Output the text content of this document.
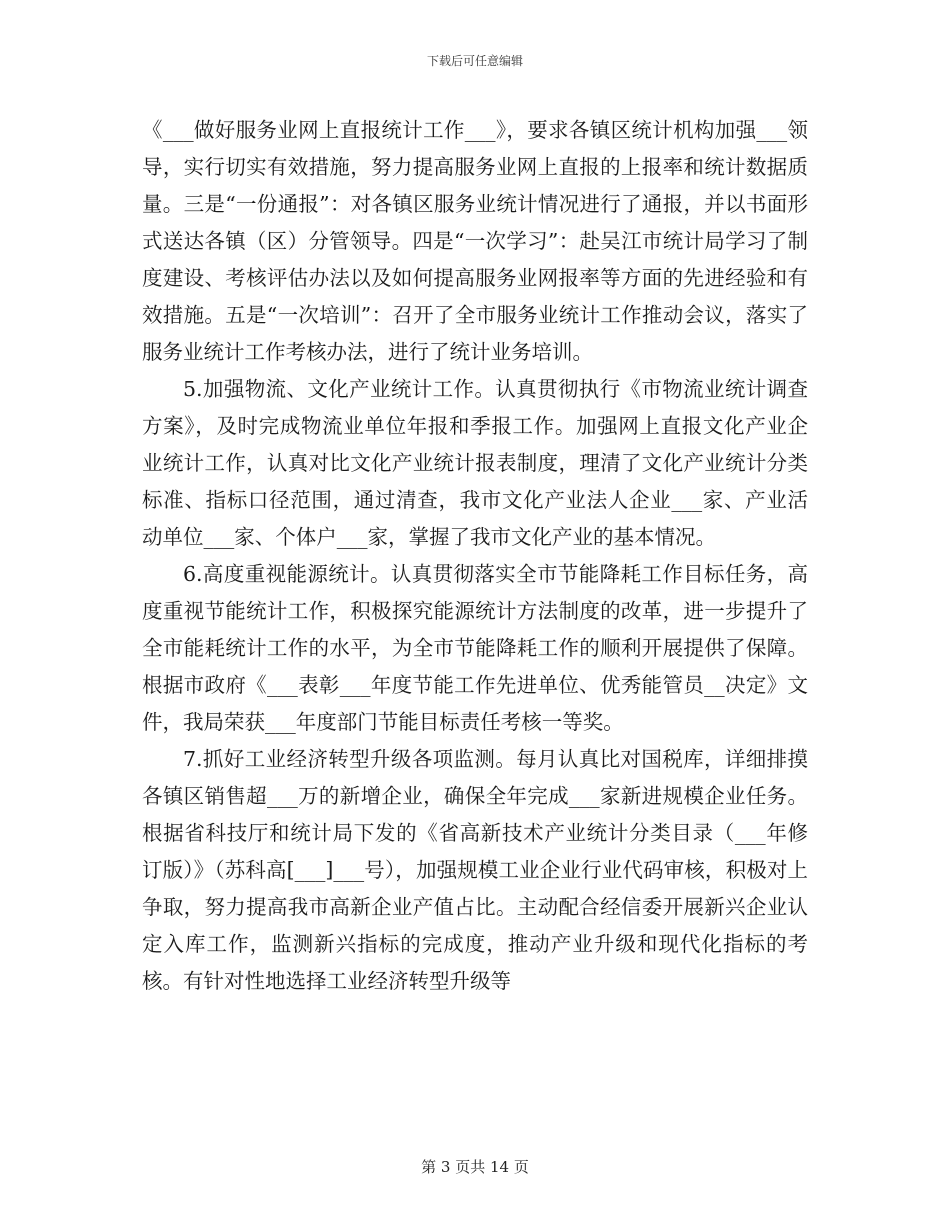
下载后可任意编辑

《___做好服务业网上直报统计工作___》，要求各镇区统计机构加强___领导，实行切实有效措施，努力提高服务业网上直报的上报率和统计数据质量。三是“一份通报”：对各镇区服务业统计情况进行了通报，并以书面形式送达各镇（区）分管领导。四是“一次学习”：赴吴江市统计局学习了制度建设、考核评估办法以及如何提高服务业网报率等方面的先进经验和有效措施。五是“一次培训”：召开了全市服务业统计工作推动会议，落实了服务业统计工作考核办法，进行了统计业务培训。

5.加强物流、文化产业统计工作。认真贯彻执行《市物流业统计调查方案》，及时完成物流业单位年报和季报工作。加强网上直报文化产业企业统计工作，认真对比文化产业统计报表制度，理清了文化产业统计分类标准、指标口径范围，通过清查，我市文化产业法人企业___家、产业活动单位___家、个体户___家，掌握了我市文化产业的基本情况。

6.高度重视能源统计。认真贯彻落实全市节能降耗工作目标任务，高度重视节能统计工作，积极探究能源统计方法制度的改革，进一步提升了全市能耗统计工作的水平，为全市节能降耗工作的顺利开展提供了保障。根据市政府《___表彰___年度节能工作先进单位、优秀能管员__决定》文件，我局荣获___年度部门节能目标责任考核一等奖。

7.抓好工业经济转型升级各项监测。每月认真比对国税库，详细排摸各镇区销售超___万的新增企业，确保全年完成___家新进规模企业任务。根据省科技厅和统计局下发的《省高新技术产业统计分类目录（___年修订版）》（苏科高[___]___号），加强规模工业企业行业代码审核，积极对上争取，努力提高我市高新企业产值占比。主动配合经信委开展新兴企业认定入库工作，监测新兴指标的完成度，推动产业升级和现代化指标的考核。有针对性地选择工业经济转型升级等

第 3 页共 14 页
